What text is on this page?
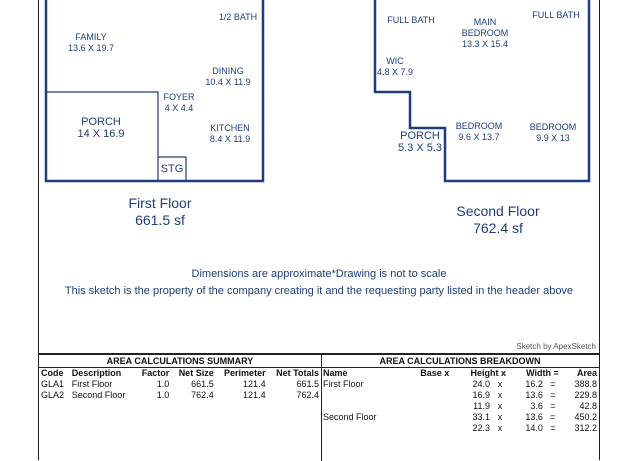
FAMILY
13.6 X 19.7
1/2 BATH
DINING
10.4 X 11.9
FOYER
4 X 4.4
PORCH
14 X 16.9	KITCHEN
8.4 X 11.9
STG
First Floor
661.5 sf
FULL BATH	MAIN
BEDROOM
13.3 X 15.4
FULL BATH
WIC
4.8 X 7.9
PORCH
5.3 X 5.3
BEDROOM
9.6 X 13.7
BEDROOM
9.9 X 13
Second Floor
762.4 sf
Dimensions are approximate*Drawing is not to scale
This sketch is the property of the company creating it and the requesting party listed in the header above
Sketch by ApexSketch
AREA CALCULATIONS SUMMARY
Code	Description	Factor	Net Size	Perimeter	Net Totals
GLA1	First Floor	1.0	661.5	121.4	661.5
GLA2	Second Floor	1.0	762.4	121.4	762.4
AREA CALCULATIONS BREAKDOWN
Name	Base x	Height x		Width =		Area
First Floor		24.0	x	16.2	=	388.8
		16.9	x	13.6	=	229.8
		11.9	x	3.6	=	42.8
Second Floor		33.1	x	13.6	=	450.2
		22.3	x	14.0	=	312.2
